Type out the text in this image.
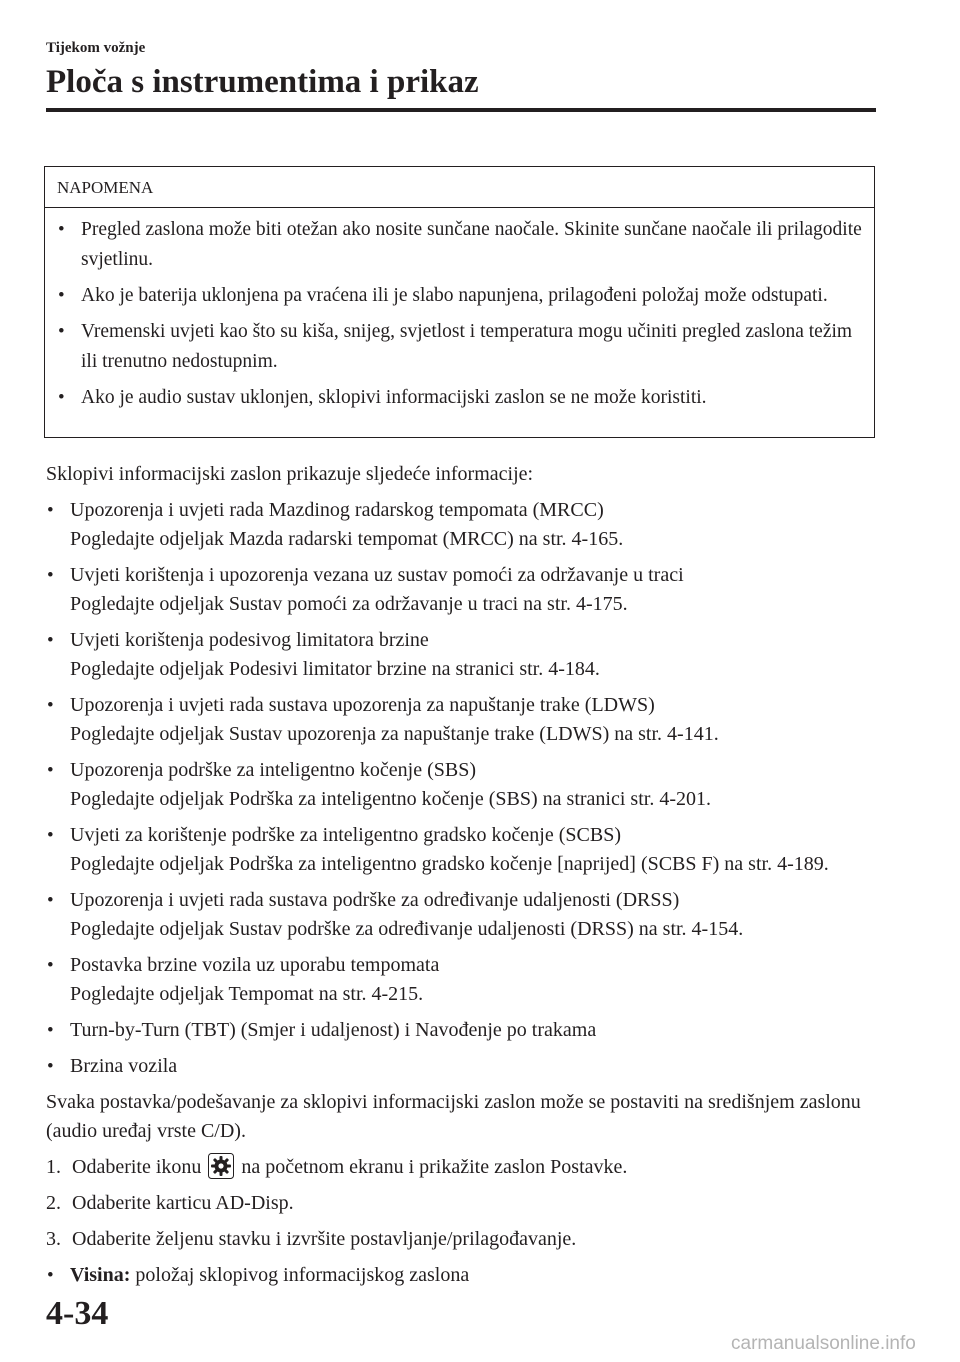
Tijekom vožnje
Ploča s instrumentima i prikaz
NAPOMENA
• Pregled zaslona može biti otežan ako nosite sunčane naočale. Skinite sunčane naočale ili prilagodite svjetlinu.
• Ako je baterija uklonjena pa vraćena ili je slabo napunjena, prilagođeni položaj može odstupati.
• Vremenski uvjeti kao što su kiša, snijeg, svjetlost i temperatura mogu učiniti pregled zaslona težim ili trenutno nedostupnim.
• Ako je audio sustav uklonjen, sklopivi informacijski zaslon se ne može koristiti.

Sklopivi informacijski zaslon prikazuje sljedeće informacije:

• Upozorenja i uvjeti rada Mazdinog radarskog tempomata (MRCC)
Pogledajte odjeljak Mazda radarski tempomat (MRCC) na str. 4-165.
• Uvjeti korištenja i upozorenja vezana uz sustav pomoći za održavanje u traci
Pogledajte odjeljak Sustav pomoći za održavanje u traci na str. 4-175.
• Uvjeti korištenja podesivog limitatora brzine
Pogledajte odjeljak Podesivi limitator brzine na stranici str. 4-184.
• Upozorenja i uvjeti rada sustava upozorenja za napuštanje trake (LDWS)
Pogledajte odjeljak Sustav upozorenja za napuštanje trake (LDWS) na str. 4-141.
• Upozorenja podrške za inteligentno kočenje (SBS)
Pogledajte odjeljak Podrška za inteligentno kočenje (SBS) na stranici str. 4-201.
• Uvjeti za korištenje podrške za inteligentno gradsko kočenje (SCBS)
Pogledajte odjeljak Podrška za inteligentno gradsko kočenje [naprijed] (SCBS F) na str. 4-189.
• Upozorenja i uvjeti rada sustava podrške za određivanje udaljenosti (DRSS)
Pogledajte odjeljak Sustav podrške za određivanje udaljenosti (DRSS) na str. 4-154.
• Postavka brzine vozila uz uporabu tempomata
Pogledajte odjeljak Tempomat na str. 4-215.
• Turn-by-Turn (TBT) (Smjer i udaljenost) i Navođenje po trakama
• Brzina vozila

Svaka postavka/podešavanje za sklopivi informacijski zaslon može se postaviti na središnjem zaslonu (audio uređaj vrste C/D).

1. Odaberite ikonu na početnom ekranu i prikažite zaslon Postavke.
2. Odaberite karticu AD-Disp.
3. Odaberite željenu stavku i izvršite postavljanje/prilagođavanje.
• Visina: položaj sklopivog informacijskog zaslona
4-34
carmanualsonline.info
